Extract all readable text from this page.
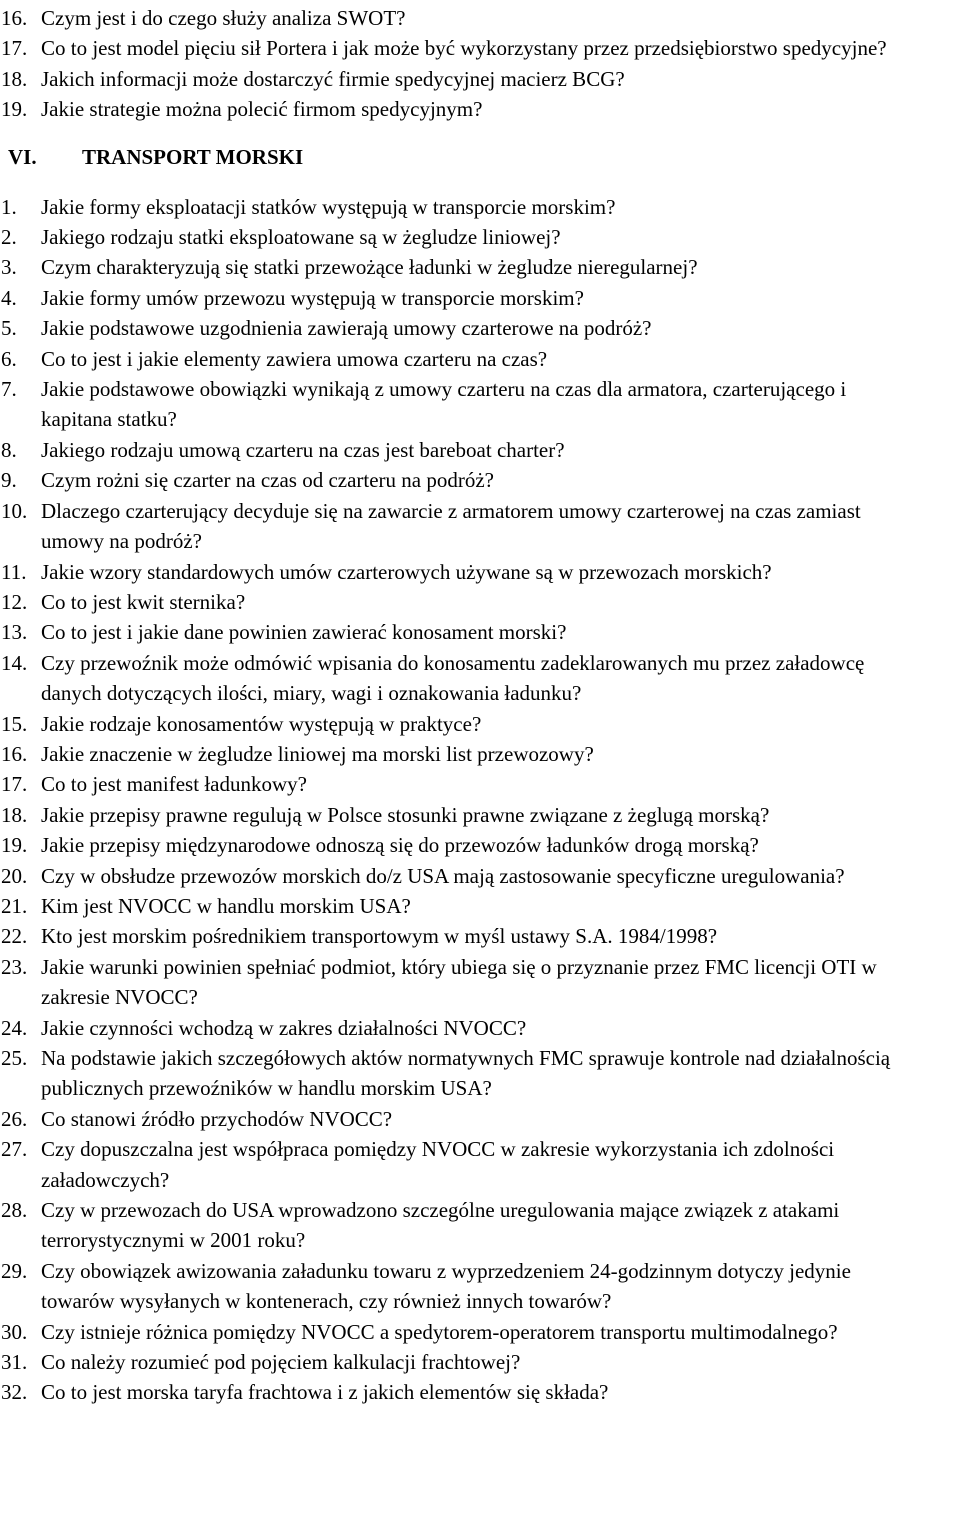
16. Czym jest i do czego służy analiza SWOT?
17. Co to jest model pięciu sił Portera i jak może być wykorzystany przez przedsiębiorstwo spedycyjne?
18. Jakich informacji może dostarczyć firmie spedycyjnej macierz BCG?
19. Jakie strategie można polecić firmom spedycyjnym?
VI. TRANSPORT MORSKI
1. Jakie formy eksploatacji statków występują w transporcie morskim?
2. Jakiego rodzaju statki eksploatowane są w żegludze liniowej?
3. Czym charakteryzują się statki przewożące ładunki w żegludze nieregularnej?
4. Jakie formy umów przewozu występują w transporcie morskim?
5. Jakie podstawowe uzgodnienia zawierają umowy czarterowe na podróż?
6. Co to jest i jakie elementy zawiera umowa czarteru na czas?
7. Jakie podstawowe obowiązki wynikają z umowy czarteru na czas dla armatora, czarterującego i kapitana statku?
8. Jakiego rodzaju umową czarteru na czas jest bareboat charter?
9. Czym rożni się czarter na czas od czarteru na podróż?
10. Dlaczego czarterujący decyduje się na zawarcie z armatorem umowy czarterowej na czas zamiast umowy na podróż?
11. Jakie wzory standardowych umów czarterowych używane są w przewozach morskich?
12. Co to jest kwit sternika?
13. Co to jest i jakie dane powinien zawierać konosament morski?
14. Czy przewoźnik może odmówić wpisania do konosamentu zadeklarowanych mu przez załadowcę danych dotyczących ilości, miary, wagi i oznakowania ładunku?
15. Jakie rodzaje konosamentów występują w praktyce?
16. Jakie znaczenie w żegludze liniowej ma morski list przewozowy?
17. Co to jest manifest ładunkowy?
18. Jakie przepisy prawne regulują w Polsce stosunki prawne związane z żeglugą morską?
19. Jakie przepisy międzynarodowe odnoszą się do przewozów ładunków drogą morską?
20. Czy w obsłudze przewozów morskich do/z USA mają zastosowanie specyficzne uregulowania?
21. Kim jest NVOCC w handlu morskim USA?
22. Kto jest morskim pośrednikiem transportowym w myśl ustawy S.A. 1984/1998?
23. Jakie warunki powinien spełniać podmiot, który ubiega się o przyznanie przez FMC licencji OTI w zakresie NVOCC?
24. Jakie czynności wchodzą w zakres działalności NVOCC?
25. Na podstawie jakich szczegółowych aktów normatywnych FMC sprawuje kontrole nad działalnością publicznych przewoźników w handlu morskim USA?
26. Co stanowi źródło przychodów NVOCC?
27. Czy dopuszczalna jest współpraca pomiędzy NVOCC w zakresie wykorzystania ich zdolności załadowczych?
28. Czy w przewozach do USA wprowadzono szczególne uregulowania mające związek z atakami terrorystycznymi w 2001 roku?
29. Czy obowiązek awizowania załadunku towaru z wyprzedzeniem 24-godzinnym dotyczy jedynie towarów wysyłanych w kontenerach, czy również innych towarów?
30. Czy istnieje różnica pomiędzy NVOCC a spedytorem-operatorem transportu multimodalnego?
31. Co należy rozumieć pod pojęciem kalkulacji frachtowej?
32. Co to jest morska taryfa frachtowa i z jakich elementów się składa?
